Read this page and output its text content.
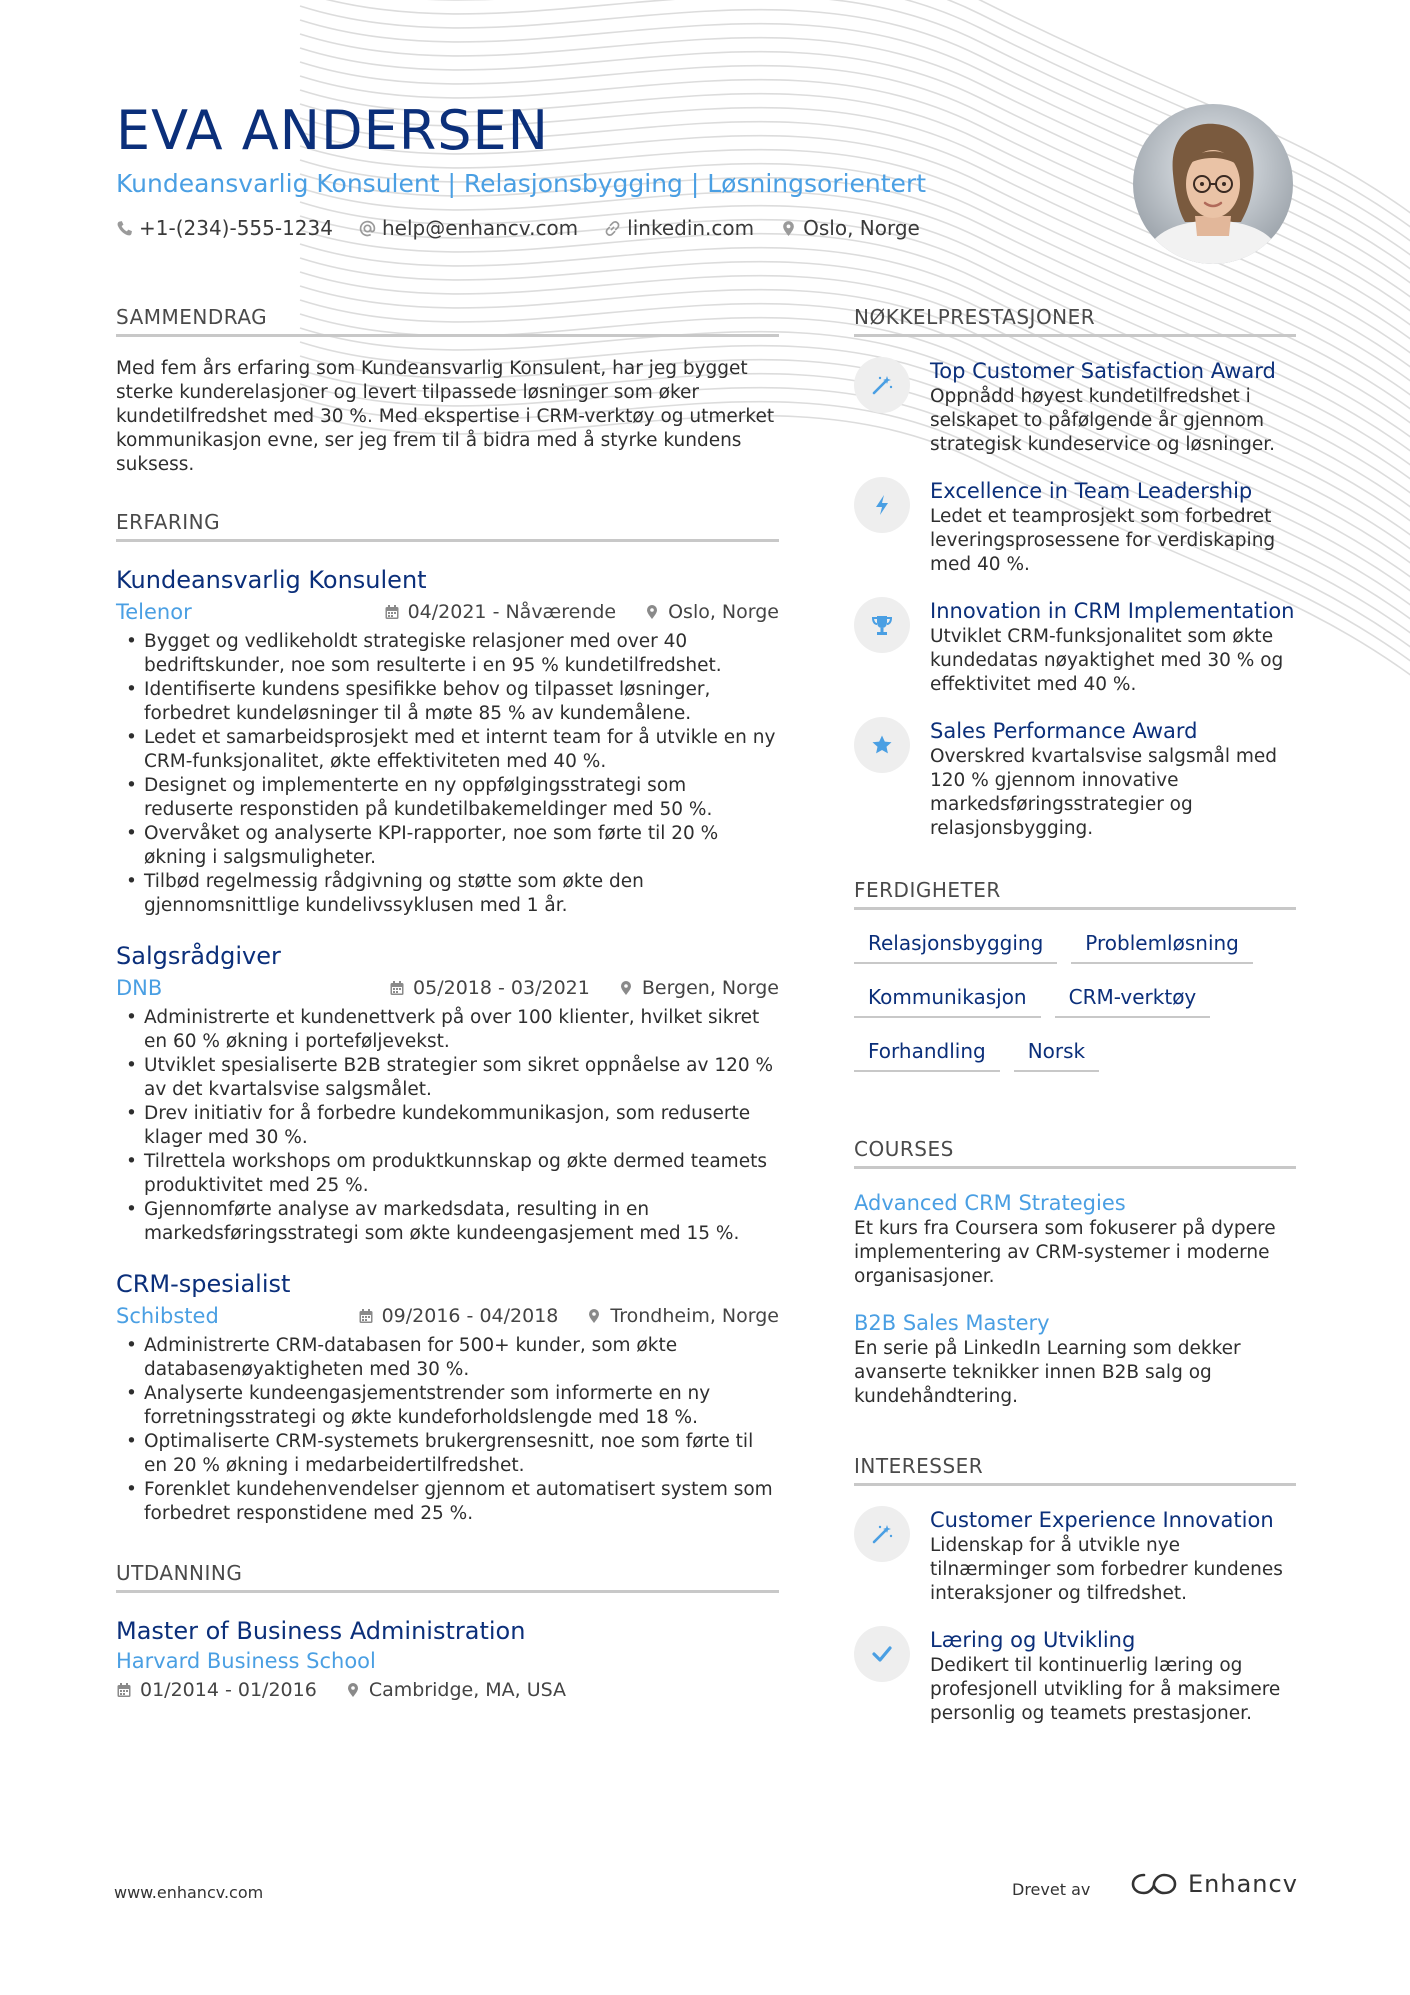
EVA ANDERSEN
Kundeansvarlig Konsulent | Relasjonsbygging | Løsningsorientert
+1-(234)-555-1234 help@enhancv.com linkedin.com Oslo, Norge
SAMMENDRAG
Med fem års erfaring som Kundeansvarlig Konsulent, har jeg bygget sterke kunderelasjoner og levert tilpassede løsninger som øker kundetilfredshet med 30 %. Med ekspertise i CRM-verktøy og utmerket kommunikasjon evne, ser jeg frem til å bidra med å styrke kundens suksess.
ERFARING
Kundeansvarlig Konsulent
Telenor	04/2021 - Nåværende	Oslo, Norge
• Bygget og vedlikeholdt strategiske relasjoner med over 40 bedriftskunder, noe som resulterte i en 95 % kundetilfredshet.
• Identifiserte kundens spesifikke behov og tilpasset løsninger, forbedret kundeløsninger til å møte 85 % av kundemålene.
• Ledet et samarbeidsprosjekt med et internt team for å utvikle en ny CRM-funksjonalitet, økte effektiviteten med 40 %.
• Designet og implementerte en ny oppfølgingsstrategi som reduserte responstiden på kundetilbakemeldinger med 50 %.
• Overvåket og analyserte KPI-rapporter, noe som førte til 20 % økning i salgsmuligheter.
• Tilbød regelmessig rådgivning og støtte som økte den gjennomsnittlige kundelivssyklusen med 1 år.
Salgsrådgiver
DNB	05/2018 - 03/2021	Bergen, Norge
• Administrerte et kundenettverk på over 100 klienter, hvilket sikret en 60 % økning i porteføljevekst.
• Utviklet spesialiserte B2B strategier som sikret oppnåelse av 120 % av det kvartalsvise salgsmålet.
• Drev initiativ for å forbedre kundekommunikasjon, som reduserte klager med 30 %.
• Tilrettela workshops om produktkunnskap og økte dermed teamets produktivitet med 25 %.
• Gjennomførte analyse av markedsdata, resulting in en markedsføringsstrategi som økte kundeengasjement med 15 %.
CRM-spesialist
Schibsted	09/2016 - 04/2018	Trondheim, Norge
• Administrerte CRM-databasen for 500+ kunder, som økte databasenøyaktigheten med 30 %.
• Analyserte kundeengasjementstrender som informerte en ny forretningsstrategi og økte kundeforholdslengde med 18 %.
• Optimaliserte CRM-systemets brukergrensesnitt, noe som førte til en 20 % økning i medarbeidertilfredshet.
• Forenklet kundehenvendelser gjennom et automatisert system som forbedret responstidene med 25 %.
UTDANNING
Master of Business Administration
Harvard Business School
01/2014 - 01/2016	Cambridge, MA, USA
NØKKELPRESTASJONER
Top Customer Satisfaction Award
Oppnådd høyest kundetilfredshet i selskapet to påfølgende år gjennom strategisk kundeservice og løsninger.
Excellence in Team Leadership
Ledet et teamprosjekt som forbedret leveringsprosessene for verdiskaping med 40 %.
Innovation in CRM Implementation
Utviklet CRM-funksjonalitet som økte kundedatas nøyaktighet med 30 % og effektivitet med 40 %.
Sales Performance Award
Overskred kvartalsvise salgsmål med 120 % gjennom innovative markedsføringsstrategier og relasjonsbygging.
FERDIGHETER
Relasjonsbygging	Problemløsning
Kommunikasjon	CRM-verktøy
Forhandling	Norsk
COURSES
Advanced CRM Strategies
Et kurs fra Coursera som fokuserer på dypere implementering av CRM-systemer i moderne organisasjoner.
B2B Sales Mastery
En serie på LinkedIn Learning som dekker avanserte teknikker innen B2B salg og kundehåndtering.
INTERESSER
Customer Experience Innovation
Lidenskap for å utvikle nye tilnærminger som forbedrer kundenes interaksjoner og tilfredshet.
Læring og Utvikling
Dedikert til kontinuerlig læring og profesjonell utvikling for å maksimere personlig og teamets prestasjoner.
www.enhancv.com	Drevet av	Enhancv
